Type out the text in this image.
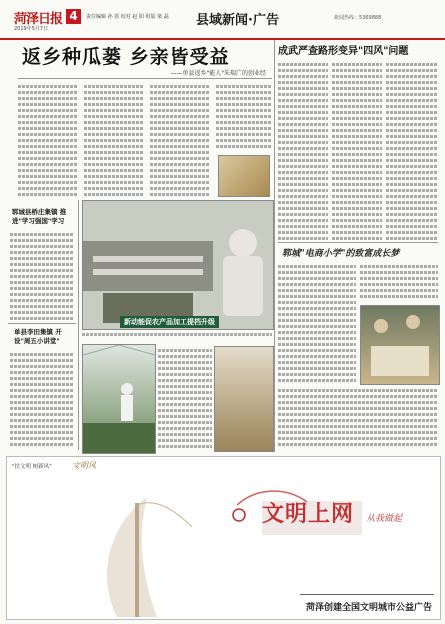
菏泽日报
2019年5月7日
4	责任编辑 孙 震 校对 赵 阳 组版 梁 磊 县域新闻·广告	新闻热线：5369888
返乡种瓜蒌 乡亲皆受益
——单县返乡"能人"朱瑞广的创业经
郓城县桥庄集镇 推进"学习强国"学习
单县李田集镇 开设"周五小讲堂"
新动能促农产品加工提档升级
成武严查路形变异"四风"问题
郓城"电商小学"的致富成长梦
"扶文明 树新风"	文明风
文明上网 从我做起
菏泽创建全国文明城市公益广告
